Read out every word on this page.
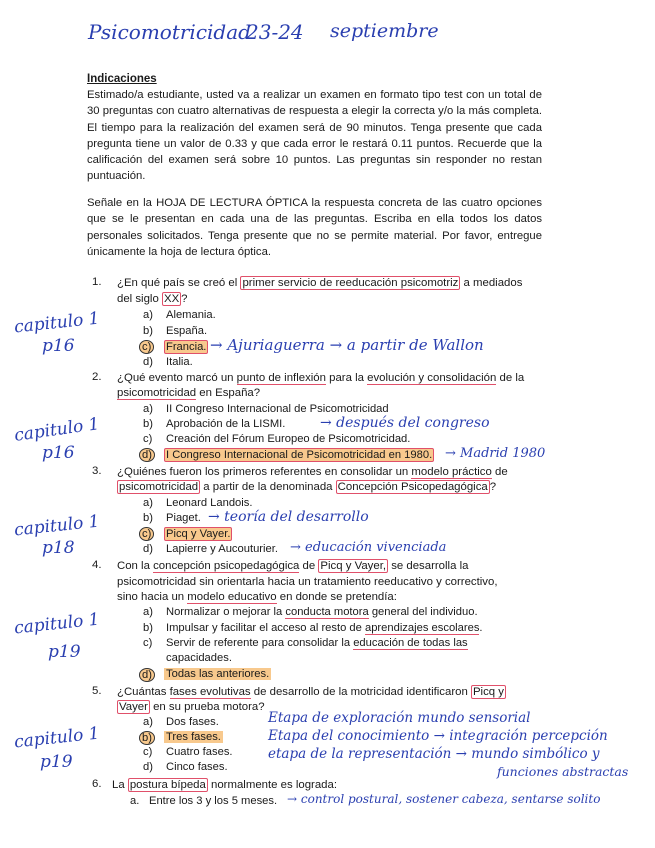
Psicomotricidad
23-24 septiembre
Indicaciones
Estimado/a estudiante, usted va a realizar un examen en formato tipo test con un total de 30 preguntas con cuatro alternativas de respuesta a elegir la correcta y/o la más completa. El tiempo para la realización del examen será de 90 minutos. Tenga presente que cada pregunta tiene un valor de 0.33 y que cada error le restará 0.11 puntos. Recuerde que la calificación del examen será sobre 10 puntos. Las preguntas sin responder no restan puntuación.
Señale en la HOJA DE LECTURA ÓPTICA la respuesta concreta de las cuatro opciones que se le presentan en cada una de las preguntas. Escriba en ella todos los datos personales solicitados. Tenga presente que no se permite material. Por favor, entregue únicamente la hoja de lectura óptica.
1. ¿En qué país se creó el primer servicio de reeducación psicomotriz a mediados
del siglo XX ?
a) Alemania.
b) España.
c) Francia.
d) Italia.
capitulo 1
p16	→ Ajuriaguerra → a partir de Wallon
2. ¿Qué evento marcó un punto de inflexión para la evolución y consolidación de la
psicomotricidad en España?
a) II Congreso Internacional de Psicomotricidad
b) Aprobación de la LISMI.
c) Creación del Fórum Europeo de Psicomotricidad.
d) I Congreso Internacional de Psicomotricidad en 1980.
capitulo 1
p16
→ después del congreso
→ Madrid 1980
3. ¿Quiénes fueron los primeros referentes en consolidar un modelo práctico de
psicomotricidad a partir de la denominada Concepción Psicopedagógica ?
a) Leonard Landois.
b) Piaget.
c) Picq y Vayer.
d) Lapierre y Aucouturier.
capitulo 1
p18
→ teoría del desarrollo
→ educación vivenciada
4. Con la concepción psicopedagógica de Picq y Vayer, se desarrolla la
psicomotricidad sin orientarla hacia un tratamiento reeducativo y correctivo,
sino hacia un modelo educativo en donde se pretendía:
a) Normalizar o mejorar la conducta motora general del individuo.
b) Impulsar y facilitar el acceso al resto de aprendizajes escolares.
c) Servir de referente para consolidar la educación de todas las
capacidades.
d) Todas las anteriores.
capitulo 1
p19
5. ¿Cuántas fases evolutivas de desarrollo de la motricidad identificaron Picq y
Vayer en su prueba motora?
a) Dos fases.
b) Tres fases.
c) Cuatro fases.
d) Cinco fases.
capitulo 1
p19
Etapa de exploración mundo sensorial
Etapa del conocimiento → integración percepción
etapa de la representación → mundo simbólico y
funciones abstractas
6. La postura bípeda normalmente es lograda:
a. Entre los 3 y los 5 meses. → control postural, sostener cabeza, sentarse solito
